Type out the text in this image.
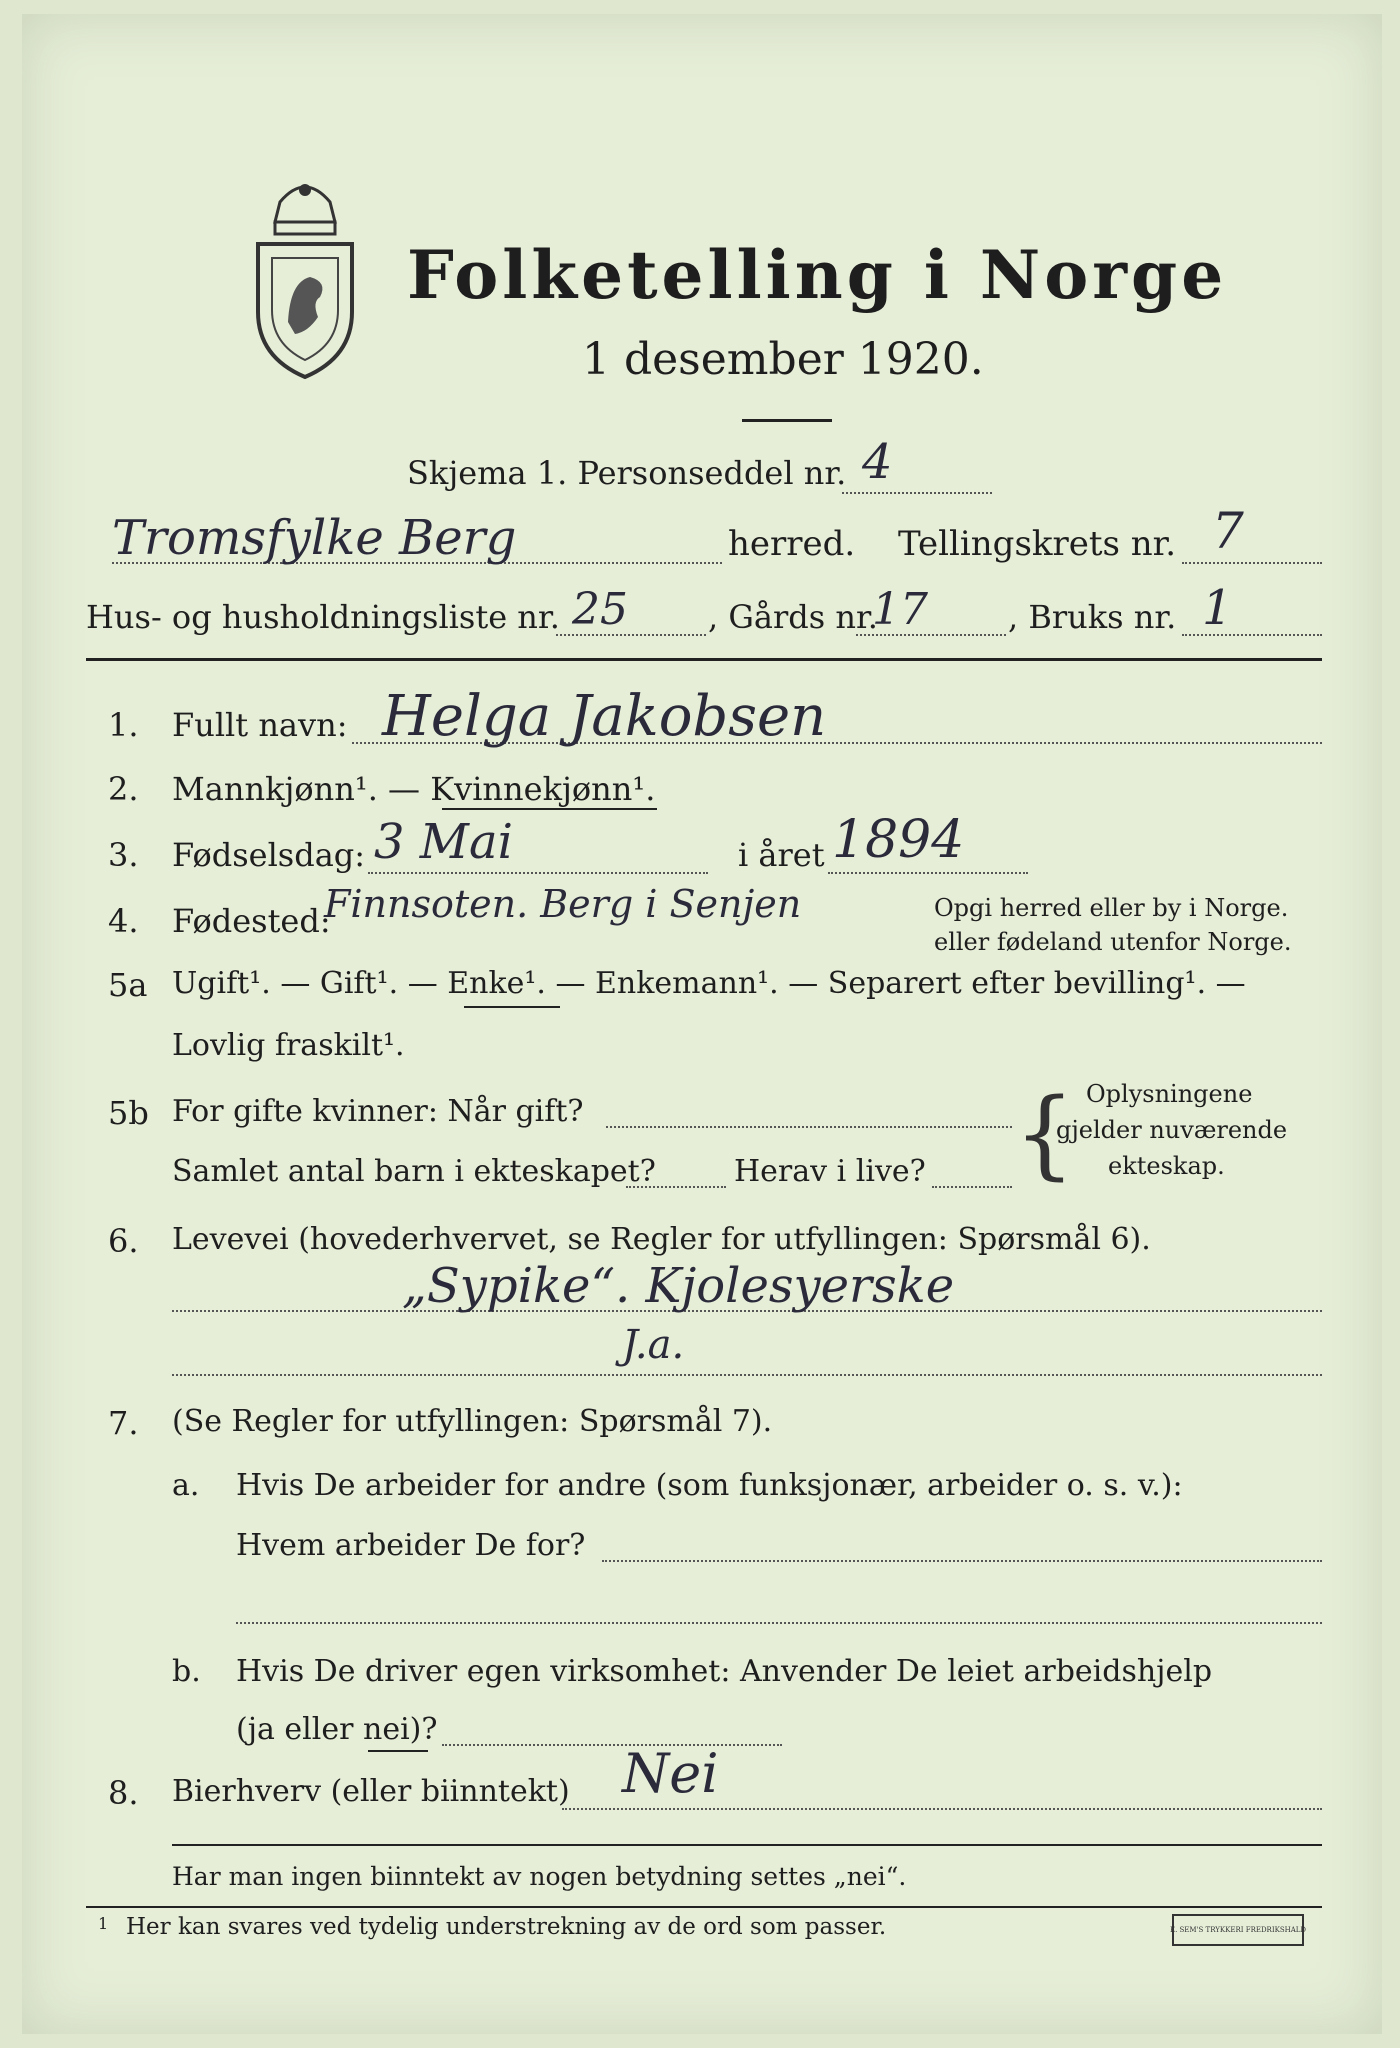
Folketelling i Norge
1 desember 1920.
Skjema 1. Personseddel nr. 4
Tromsfylke Berg	herred. Tellingskrets nr. 7
Hus- og husholdningsliste nr. 25	, Gårds nr.
17	, Bruks nr. 1
1. Fullt navn: Helga Jakobsen
2. Mannkjønn¹. — Kvinnekjønn¹.
3. Fødselsdag: 3 Mai	i året 1894
4. Fødested:
Finnsoten. Berg i Senjen	Opgi herred eller by i Norge.
eller fødeland utenfor Norge.
5a Ugift¹. — Gift¹. — Enke¹. — Enkemann¹. — Separert efter bevilling¹. —
Lovlig fraskilt¹.
5b For gifte kvinner: Når gift?
Samlet antal barn i ekteskapet?	Herav i live? { Oplysningene
gjelder nuværende
ekteskap.
6. Levevei (hovederhvervet, se Regler for utfyllingen: Spørsmål 6).
„Sypike“. Kjolesyerske
J.a.
7. (Se Regler for utfyllingen: Spørsmål 7).
a. Hvis De arbeider for andre (som funksjonær, arbeider o. s. v.):
Hvem arbeider De for?
b. Hvis De driver egen virksomhet: Anvender De leiet arbeidshjelp
(ja eller nei)?
8. Bierhverv (eller biinntekt) Nei
Har man ingen biinntekt av nogen betydning settes „nei“.
1 Her kan svares ved tydelig understrekning av de ord som passer.	E. SEM'S TRYKKERI FREDRIKSHALD
